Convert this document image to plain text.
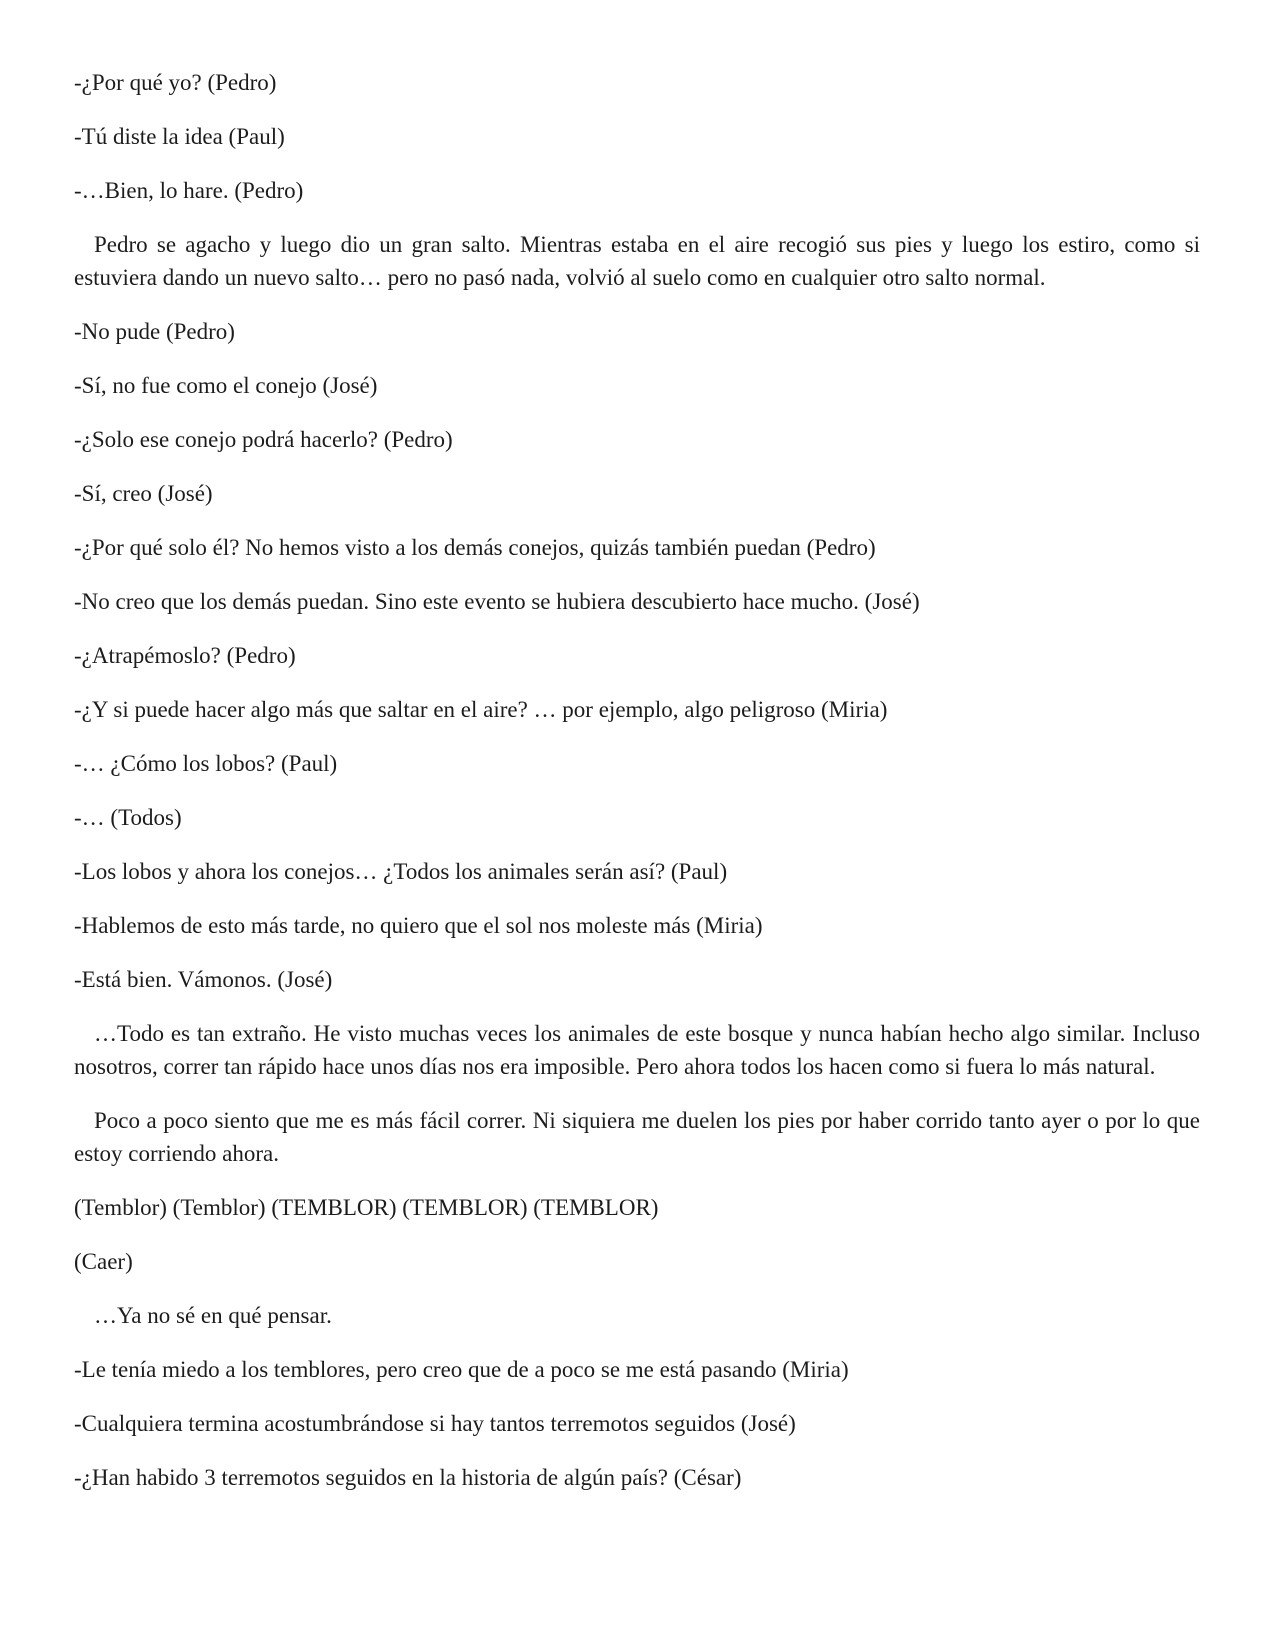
-¿Por qué yo? (Pedro)

-Tú diste la idea (Paul)

-…Bien, lo hare. (Pedro)

Pedro se agacho y luego dio un gran salto. Mientras estaba en el aire recogió sus pies y luego los estiro, como si estuviera dando un nuevo salto… pero no pasó nada, volvió al suelo como en cualquier otro salto normal.

-No pude (Pedro)

-Sí, no fue como el conejo (José)

-¿Solo ese conejo podrá hacerlo? (Pedro)

-Sí, creo (José)

-¿Por qué solo él? No hemos visto a los demás conejos, quizás también puedan (Pedro)

-No creo que los demás puedan. Sino este evento se hubiera descubierto hace mucho. (José)

-¿Atrapémoslo? (Pedro)

-¿Y si puede hacer algo más que saltar en el aire? … por ejemplo, algo peligroso (Miria)

-… ¿Cómo los lobos? (Paul)

-… (Todos)

-Los lobos y ahora los conejos… ¿Todos los animales serán así? (Paul)

-Hablemos de esto más tarde, no quiero que el sol nos moleste más (Miria)

-Está bien. Vámonos. (José)

…Todo es tan extraño. He visto muchas veces los animales de este bosque y nunca habían hecho algo similar. Incluso nosotros, correr tan rápido hace unos días nos era imposible. Pero ahora todos los hacen como si fuera lo más natural.

Poco a poco siento que me es más fácil correr. Ni siquiera me duelen los pies por haber corrido tanto ayer o por lo que estoy corriendo ahora.

(Temblor) (Temblor) (TEMBLOR) (TEMBLOR) (TEMBLOR)

(Caer)

…Ya no sé en qué pensar.

-Le tenía miedo a los temblores, pero creo que de a poco se me está pasando (Miria)

-Cualquiera termina acostumbrándose si hay tantos terremotos seguidos (José)

-¿Han habido 3 terremotos seguidos en la historia de algún país? (César)
